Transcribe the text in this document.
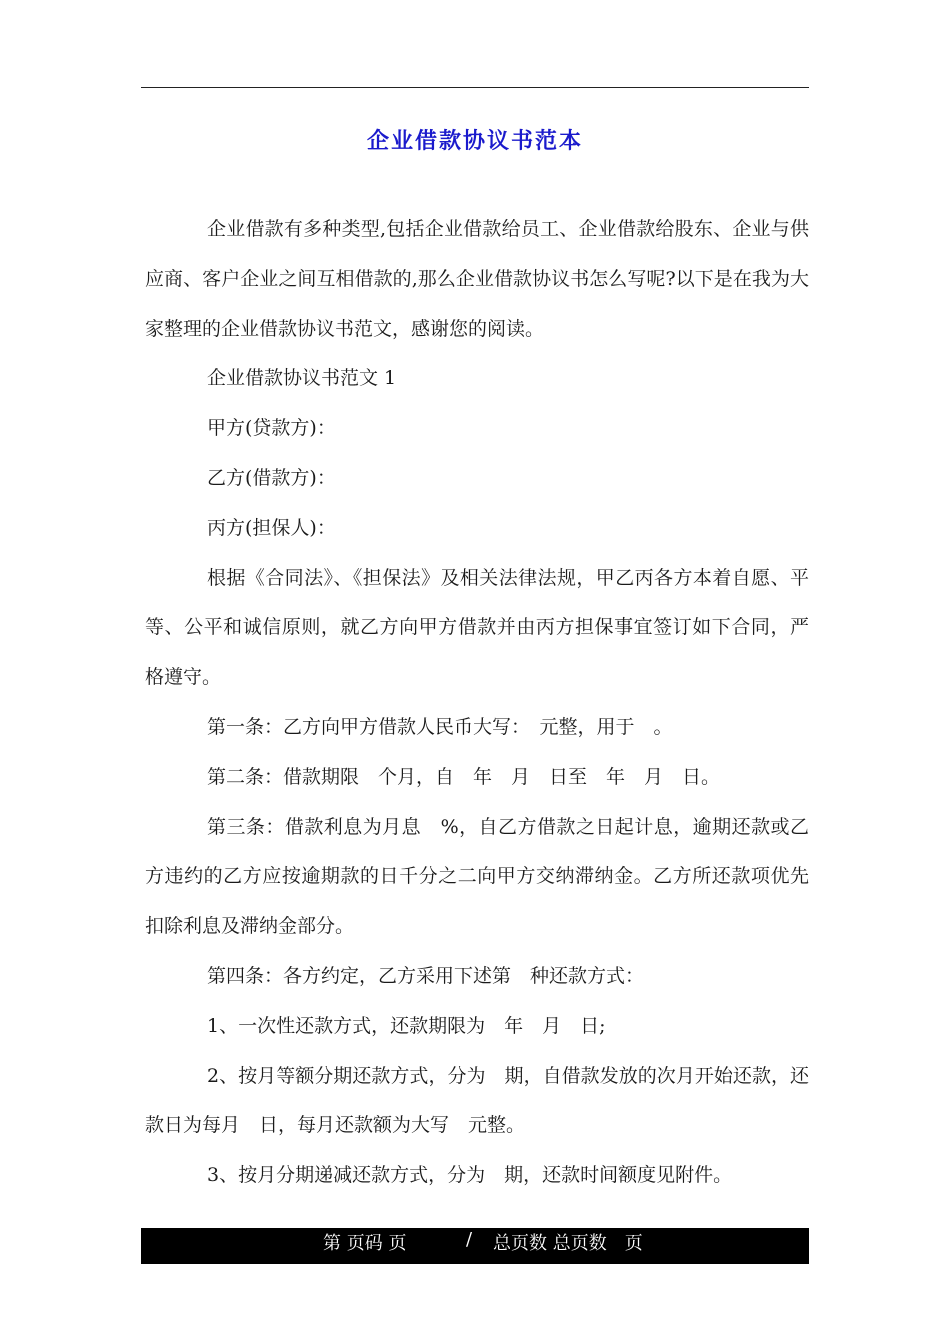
企业借款协议书范本

企业借款有多种类型,包括企业借款给员工、企业借款给股东、企业与供应商、客户企业之间互相借款的,那么企业借款协议书怎么写呢?以下是在我为大家整理的企业借款协议书范文，感谢您的阅读。

企业借款协议书范文 1

甲方(贷款方)：

乙方(借款方)：

丙方(担保人)：

根据《合同法》、《担保法》及相关法律法规，甲乙丙各方本着自愿、平等、公平和诚信原则，就乙方向甲方借款并由丙方担保事宜签订如下合同，严格遵守。

第一条：乙方向甲方借款人民币大写：　元整，用于　。

第二条：借款期限　个月，自　年　月　日至　年　月　日。

第三条：借款利息为月息　%，自乙方借款之日起计息，逾期还款或乙方违约的乙方应按逾期款的日千分之二向甲方交纳滞纳金。乙方所还款项优先扣除利息及滞纳金部分。

第四条：各方约定，乙方采用下述第　种还款方式：

1、一次性还款方式，还款期限为　年　月　日;

2、按月等额分期还款方式，分为　期，自借款发放的次月开始还款，还款日为每月　日，每月还款额为大写　元整。

3、按月分期递减还款方式，分为　期，还款时间额度见附件。

第 页码 页	/ 总页数 总页数　页
